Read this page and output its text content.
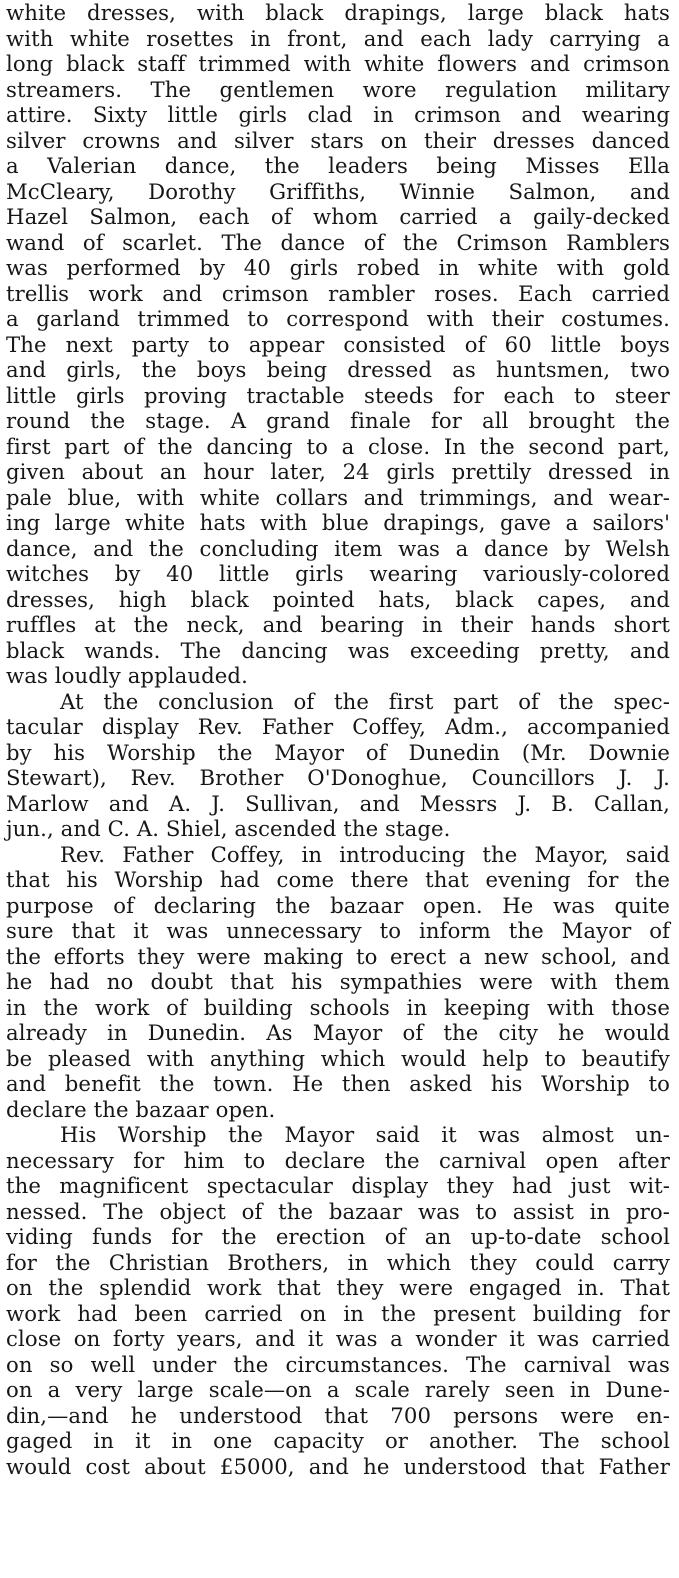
white dresses, with black drapings, large black hats
with white rosettes in front, and each lady carrying a
long black staff trimmed with white flowers and crimson
streamers. The gentlemen wore regulation military
attire. Sixty little girls clad in crimson and wearing
silver crowns and silver stars on their dresses danced
a Valerian dance, the leaders being Misses Ella
McCleary, Dorothy Griffiths, Winnie Salmon, and
Hazel Salmon, each of whom carried a gaily-decked
wand of scarlet. The dance of the Crimson Ramblers
was performed by 40 girls robed in white with gold
trellis work and crimson rambler roses. Each carried
a garland trimmed to correspond with their costumes.
The next party to appear consisted of 60 little boys
and girls, the boys being dressed as huntsmen, two
little girls proving tractable steeds for each to steer
round the stage. A grand finale for all brought the
first part of the dancing to a close. In the second part,
given about an hour later, 24 girls prettily dressed in
pale blue, with white collars and trimmings, and wear-
ing large white hats with blue drapings, gave a sailors'
dance, and the concluding item was a dance by Welsh
witches by 40 little girls wearing variously-colored
dresses, high black pointed hats, black capes, and
ruffles at the neck, and bearing in their hands short
black wands. The dancing was exceeding pretty, and
was loudly applauded.
At the conclusion of the first part of the spec-
tacular display Rev. Father Coffey, Adm., accompanied
by his Worship the Mayor of Dunedin (Mr. Downie
Stewart), Rev. Brother O'Donoghue, Councillors J. J.
Marlow and A. J. Sullivan, and Messrs J. B. Callan,
jun., and C. A. Shiel, ascended the stage.
Rev. Father Coffey, in introducing the Mayor, said
that his Worship had come there that evening for the
purpose of declaring the bazaar open. He was quite
sure that it was unnecessary to inform the Mayor of
the efforts they were making to erect a new school, and
he had no doubt that his sympathies were with them
in the work of building schools in keeping with those
already in Dunedin. As Mayor of the city he would
be pleased with anything which would help to beautify
and benefit the town. He then asked his Worship to
declare the bazaar open.
His Worship the Mayor said it was almost un-
necessary for him to declare the carnival open after
the magnificent spectacular display they had just wit-
nessed. The object of the bazaar was to assist in pro-
viding funds for the erection of an up-to-date school
for the Christian Brothers, in which they could carry
on the splendid work that they were engaged in. That
work had been carried on in the present building for
close on forty years, and it was a wonder it was carried
on so well under the circumstances. The carnival was
on a very large scale—on a scale rarely seen in Dune-
din,—and he understood that 700 persons were en-
gaged in it in one capacity or another. The school
would cost about £5000, and he understood that Father
